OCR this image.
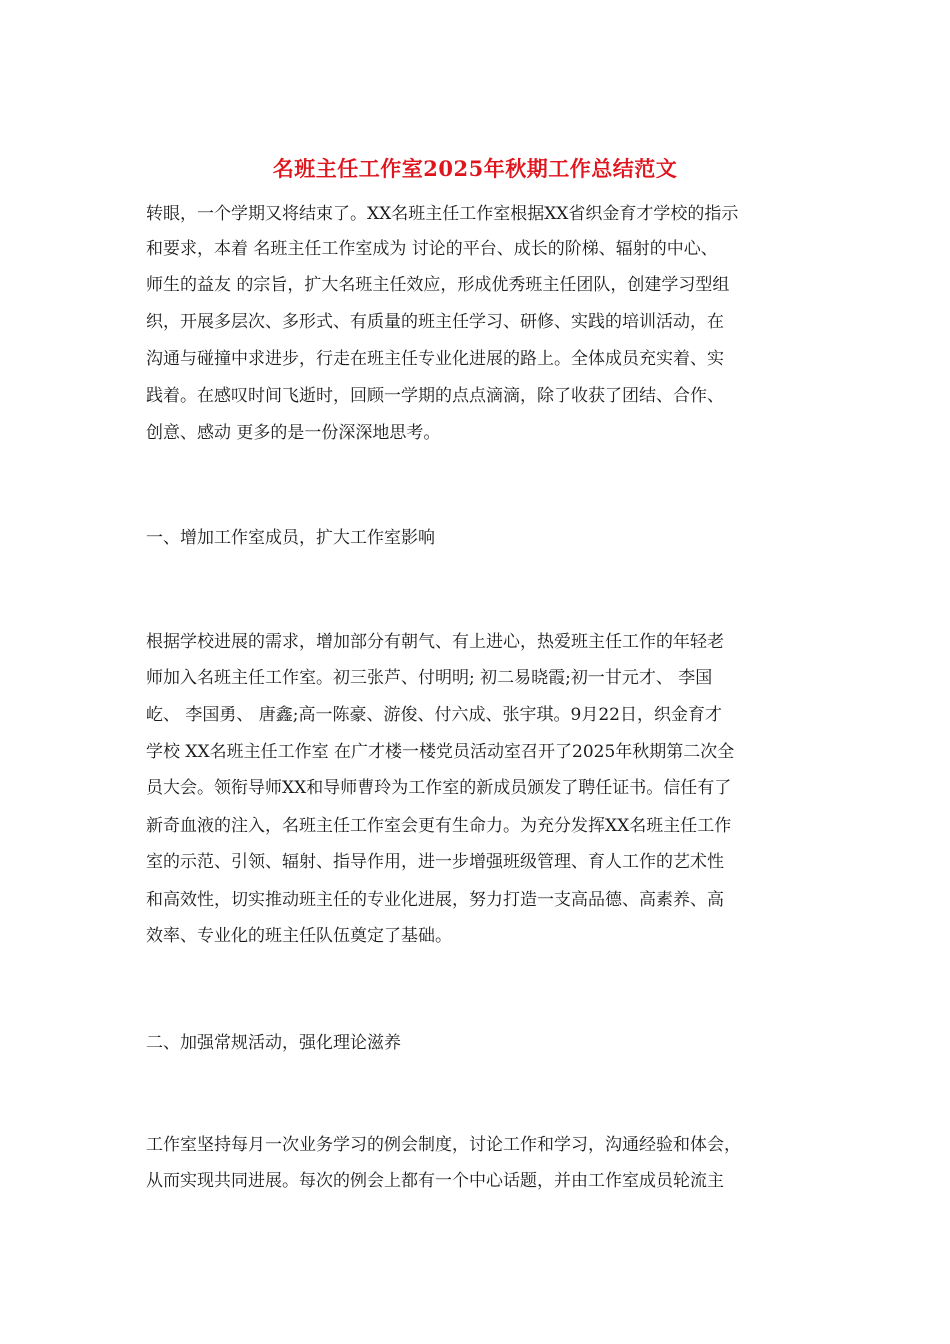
名班主任工作室2025年秋期工作总结范文
转眼，一个学期又将结束了。XX名班主任工作室根据XX省织金育才学校的指示
和要求，本着 名班主任工作室成为 讨论的平台、成长的阶梯、辐射的中心、
师生的益友 的宗旨，扩大名班主任效应，形成优秀班主任团队，创建学习型组
织，开展多层次、多形式、有质量的班主任学习、研修、实践的培训活动，在
沟通与碰撞中求进步，行走在班主任专业化进展的路上。全体成员充实着、实
践着。在感叹时间飞逝时，回顾一学期的点点滴滴，除了收获了团结、合作、
创意、感动 更多的是一份深深地思考。
一、增加工作室成员，扩大工作室影响
根据学校进展的需求，增加部分有朝气、有上进心，热爱班主任工作的年轻老
师加入名班主任工作室。初三张芦、付明明; 初二易晓霞;初一甘元才、 李国
屹、 李国勇、 唐鑫;高一陈豪、游俊、付六成、张宇琪。9月22日，织金育才
学校 XX名班主任工作室 在广才楼一楼党员活动室召开了2025年秋期第二次全
员大会。领衔导师XX和导师曹玲为工作室的新成员颁发了聘任证书。信任有了
新奇血液的注入，名班主任工作室会更有生命力。为充分发挥XX名班主任工作
室的示范、引领、辐射、指导作用，进一步增强班级管理、育人工作的艺术性
和高效性，切实推动班主任的专业化进展，努力打造一支高品德、高素养、高
效率、专业化的班主任队伍奠定了基础。
二、加强常规活动，强化理论滋养
工作室坚持每月一次业务学习的例会制度，讨论工作和学习，沟通经验和体会，
从而实现共同进展。每次的例会上都有一个中心话题，并由工作室成员轮流主
